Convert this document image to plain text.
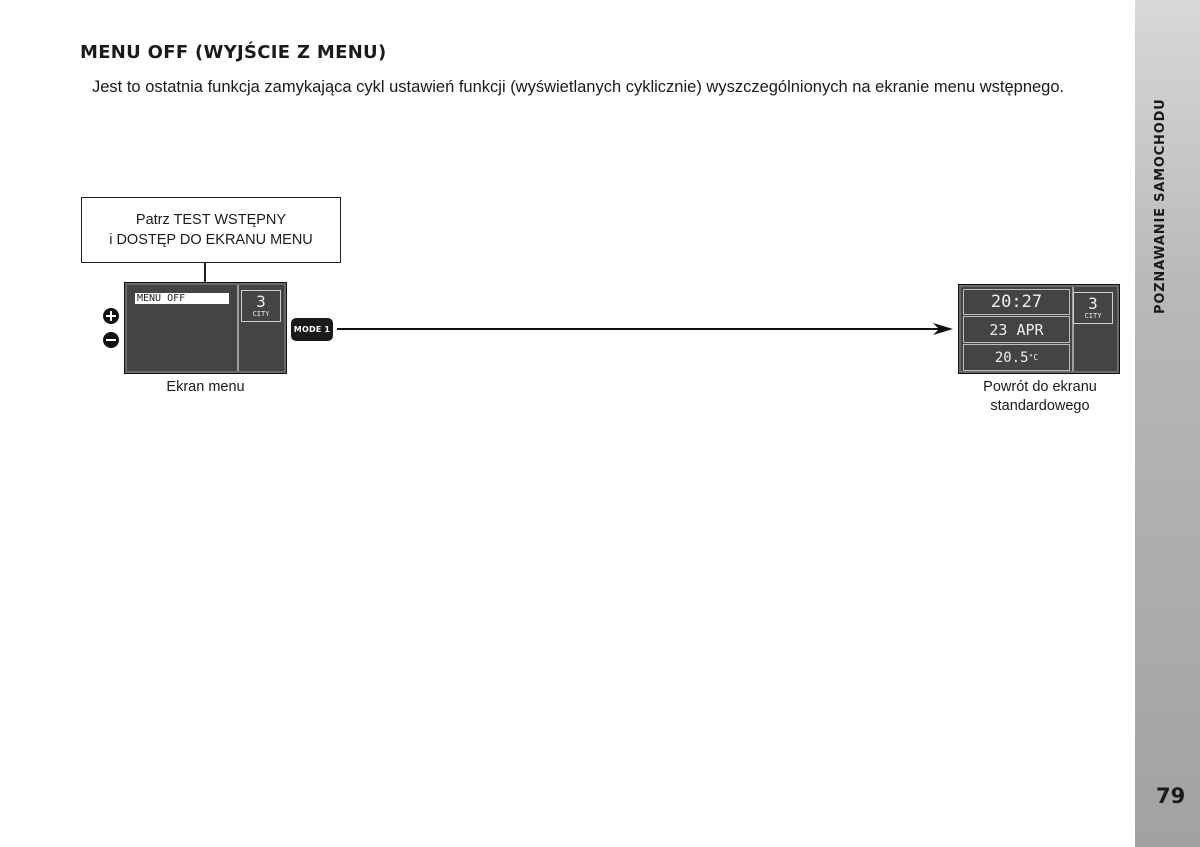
MENU OFF (WYJŚCIE Z MENU)

Jest to ostatnia funkcja zamykająca cykl ustawień funkcji (wyświetlanych cyklicznie) wyszczególnionych na ekranie menu wstępnego.

POZNAWANIE SAMOCHODU
79
Patrz TEST WSTĘPNY
i DOSTĘP DO EKRANU MENU
MENU OFF	3
CITY
Ekran menu
MODE 1
20:27
23 APR
20.5 °C
3
CITY
Powrót do ekranu
standardowego
